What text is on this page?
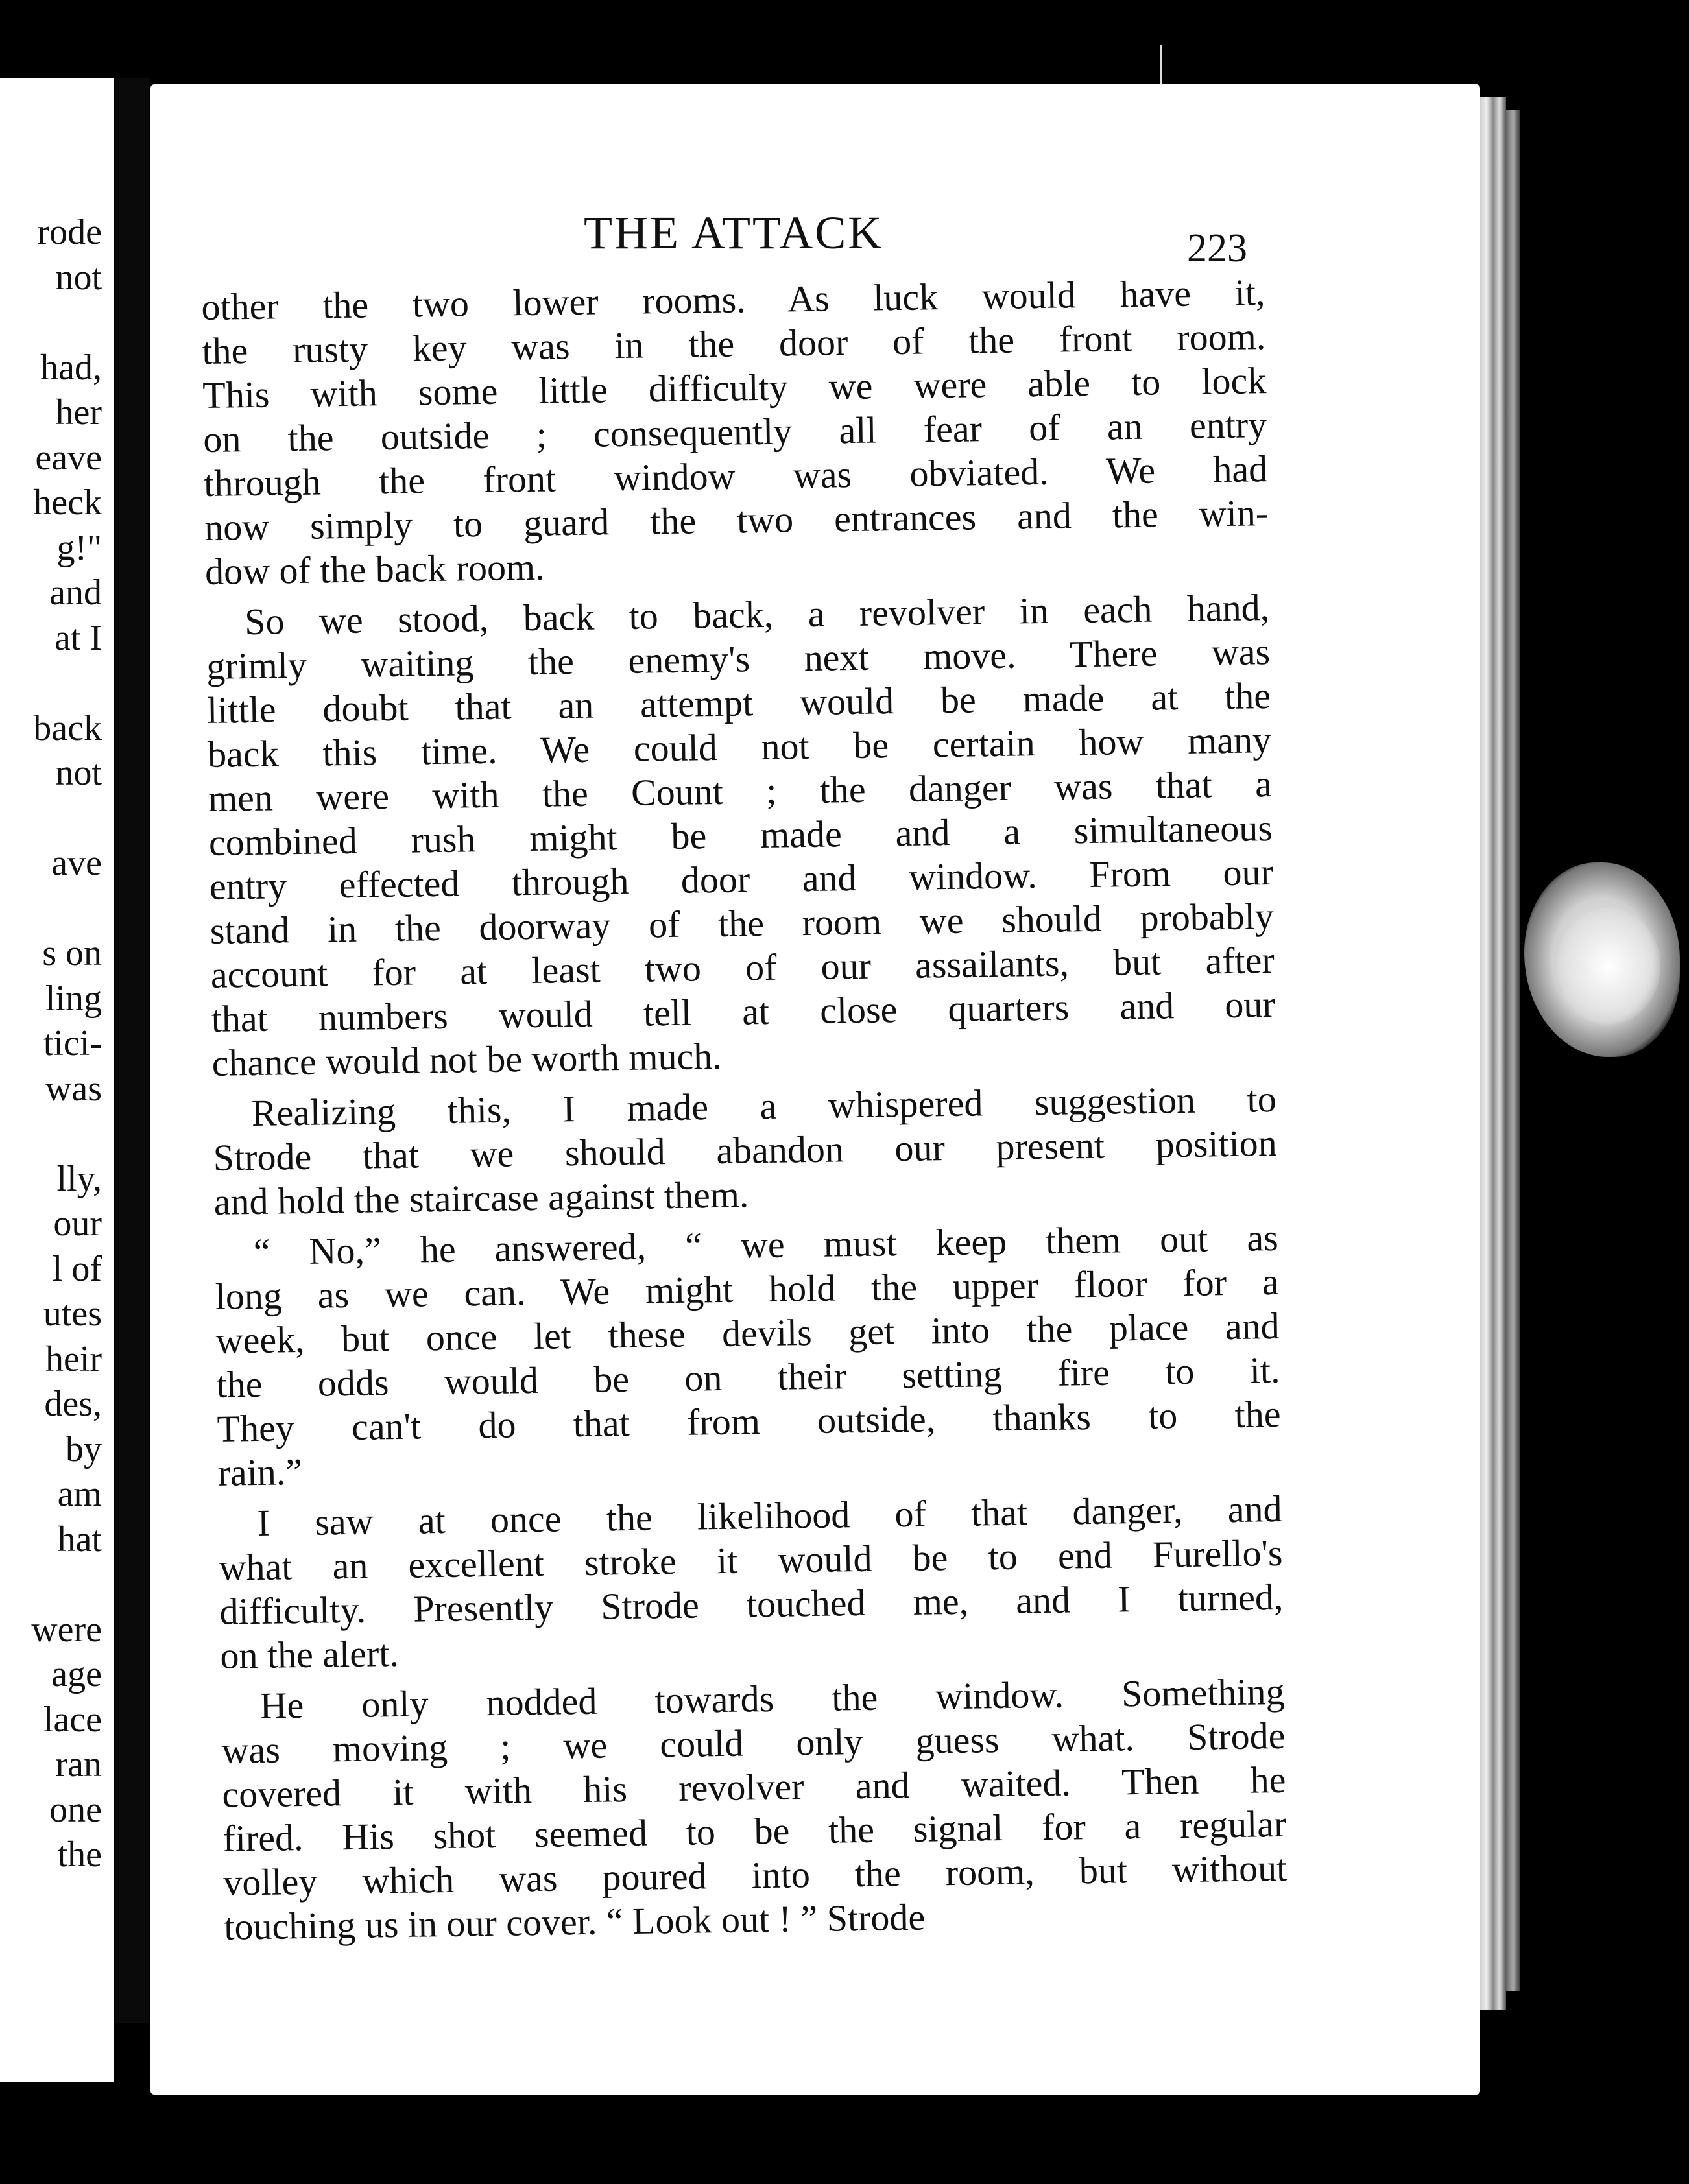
rode
not
had,
her
eave
heck
g!"
and
at I
back
not
ave
s on
ling
tici-
was
lly,
our
l of
utes
heir
des,
by
am
hat
were
age
lace
ran
one
the
THE ATTACK	223
other the two lower rooms. As luck would have it,
the rusty key was in the door of the front room.
This with some little difficulty we were able to lock
on the outside ; consequently all fear of an entry
through the front window was obviated. We had
now simply to guard the two entrances and the win-
dow of the back room.
So we stood, back to back, a revolver in each hand,
grimly waiting the enemy's next move. There was
little doubt that an attempt would be made at the
back this time. We could not be certain how many
men were with the Count ; the danger was that a
combined rush might be made and a simultaneous
entry effected through door and window. From our
stand in the doorway of the room we should probably
account for at least two of our assailants, but after
that numbers would tell at close quarters and our
chance would not be worth much.
Realizing this, I made a whispered suggestion to
Strode that we should abandon our present position
and hold the staircase against them.
“ No,” he answered, “ we must keep them out as
long as we can. We might hold the upper floor for a
week, but once let these devils get into the place and
the odds would be on their setting fire to it.
They can't do that from outside, thanks to the
rain.”
I saw at once the likelihood of that danger, and
what an excellent stroke it would be to end Furello's
difficulty. Presently Strode touched me, and I turned,
on the alert.
He only nodded towards the window. Something
was moving ; we could only guess what. Strode
covered it with his revolver and waited. Then he
fired. His shot seemed to be the signal for a regular
volley which was poured into the room, but without
touching us in our cover. “ Look out ! ” Strode
